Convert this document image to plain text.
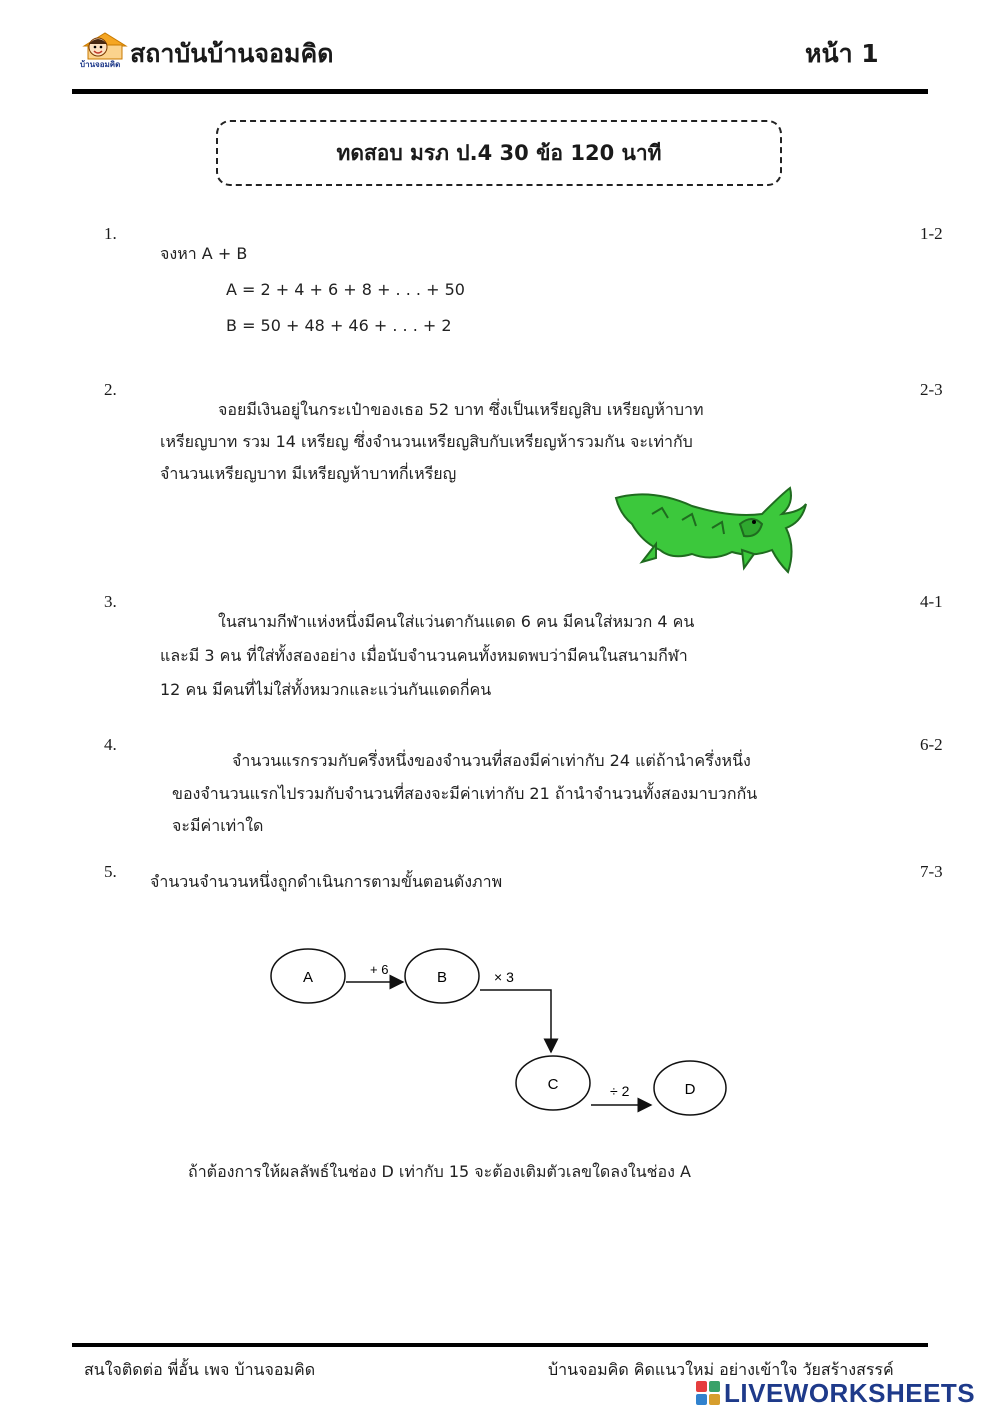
บ้านจอมคิด สถาบันบ้านจอมคิด	หน้า 1
ทดสอบ มรภ ป.4 30 ข้อ 120 นาที
1.	1-2
จงหา A + B
A = 2 + 4 + 6 + 8 + . . . + 50
B = 50 + 48 + 46 + . . . + 2
2.	2-3
จอยมีเงินอยู่ในกระเป๋าของเธอ 52 บาท ซึ่งเป็นเหรียญสิบ เหรียญห้าบาท
เหรียญบาท รวม 14 เหรียญ ซึ่งจำนวนเหรียญสิบกับเหรียญห้ารวมกัน จะเท่ากับ
จำนวนเหรียญบาท มีเหรียญห้าบาทกี่เหรียญ
3.	4-1
ในสนามกีฬาแห่งหนึ่งมีคนใส่แว่นตากันแดด 6 คน มีคนใส่หมวก 4 คน
และมี 3 คน ที่ใส่ทั้งสองอย่าง เมื่อนับจำนวนคนทั้งหมดพบว่ามีคนในสนามกีฬา
12 คน มีคนที่ไม่ใส่ทั้งหมวกและแว่นกันแดดกี่คน
4.	6-2
จำนวนแรกรวมกับครึ่งหนึ่งของจำนวนที่สองมีค่าเท่ากับ 24 แต่ถ้านำครึ่งหนึ่ง
ของจำนวนแรกไปรวมกับจำนวนที่สองจะมีค่าเท่ากับ 21 ถ้านำจำนวนทั้งสองมาบวกกัน
จะมีค่าเท่าใด
5.	7-3
จำนวนจำนวนหนึ่งถูกดำเนินการตามขั้นตอนดังภาพ
A	B
C	D
+ 6	× 3
÷ 2
ถ้าต้องการให้ผลลัพธ์ในช่อง D เท่ากับ 15 จะต้องเติมตัวเลขใดลงในช่อง A
สนใจติดต่อ พี่อั้น เพจ บ้านจอมคิด	บ้านจอมคิด คิดแนวใหม่ อย่างเข้าใจ วัยสร้างสรรค์
LIVEWORKSHEETS
